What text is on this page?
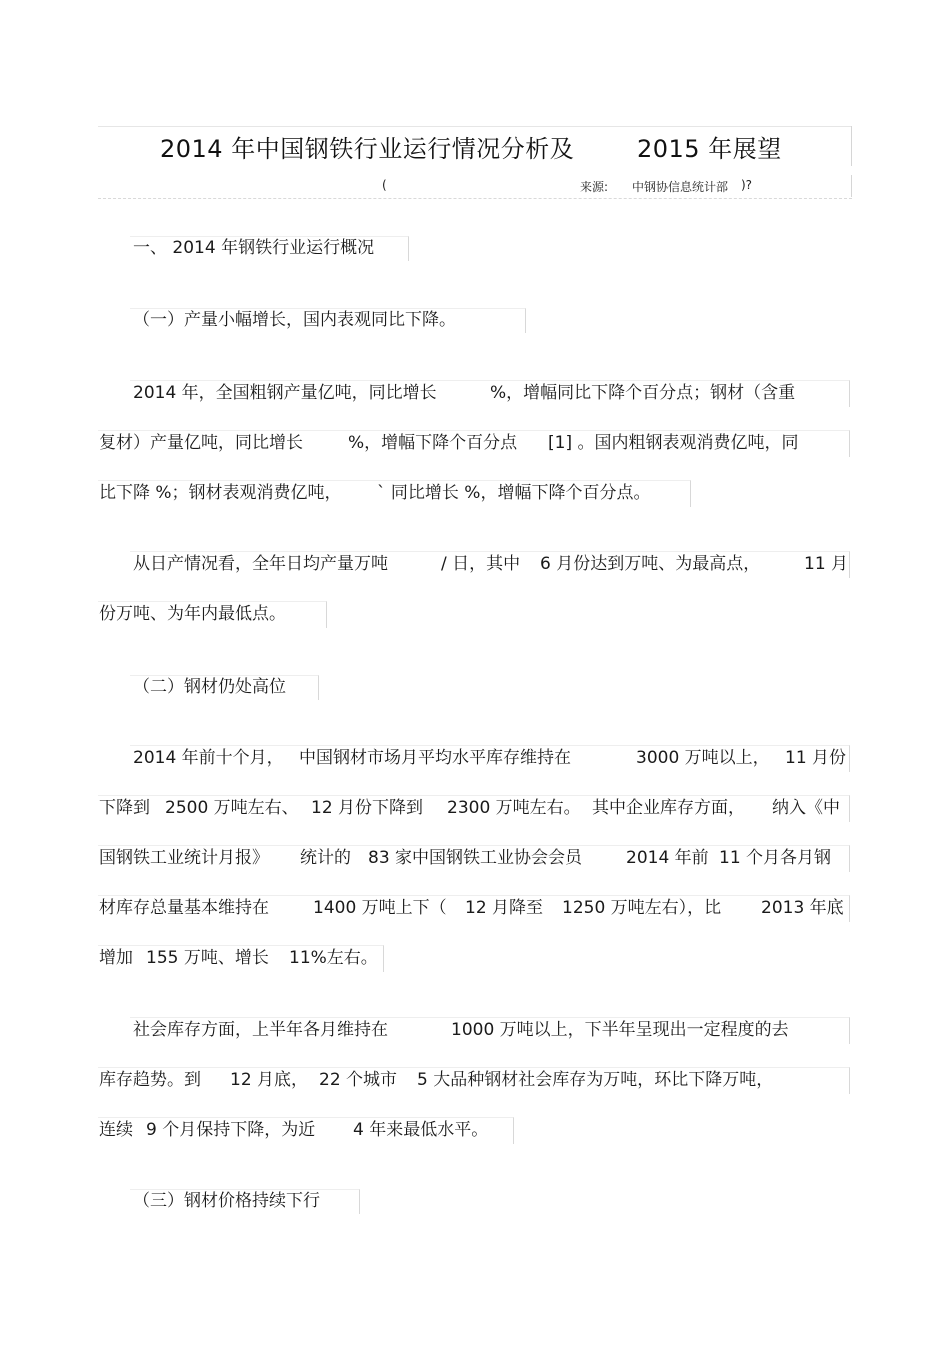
2014 年中国钢铁行业运行情况分析及	2015 年展望
(	来源: 中钢协信息统计部 )?
一、 2014 年钢铁行业运行概况
（一）产量小幅增长，国内表观同比下降。
2014 年，全国粗钢产量亿吨，同比增长	%，增幅同比下降个百分点；钢材（含重
复材）产量亿吨，同比增长	%，增幅下降个百分点 [1] 。国内粗钢表观消费亿吨，同
比下降 %；钢材表观消费亿吨， ` 同比增长 %，增幅下降个百分点。
从日产情况看，全年日均产量万吨	/ 日，其中 6 月份达到万吨、为最高点，	11 月
份万吨、为年内最低点。
（二）钢材仍处高位
2014 年前十个月， 中国钢材市场月平均水平库存维持在	3000 万吨以上， 11 月份
下降到 2500 万吨左右、 12 月份下降到 2300 万吨左右。 其中企业库存方面， 纳入《中
国钢铁工业统计月报》 统计的 83 家中国钢铁工业协会会员	2014 年前 11 个月各月钢
材库存总量基本维持在	1400 万吨上下（ 12 月降至 1250 万吨左右），比 2013 年底
增加 155 万吨、增长 11%左右。
社会库存方面，上半年各月维持在	1000 万吨以上，下半年呈现出一定程度的去
库存趋势。到 12 月底， 22 个城市 5 大品种钢材社会库存为万吨，环比下降万吨，
连续 9 个月保持下降，为近 4 年来最低水平。
（三）钢材价格持续下行
